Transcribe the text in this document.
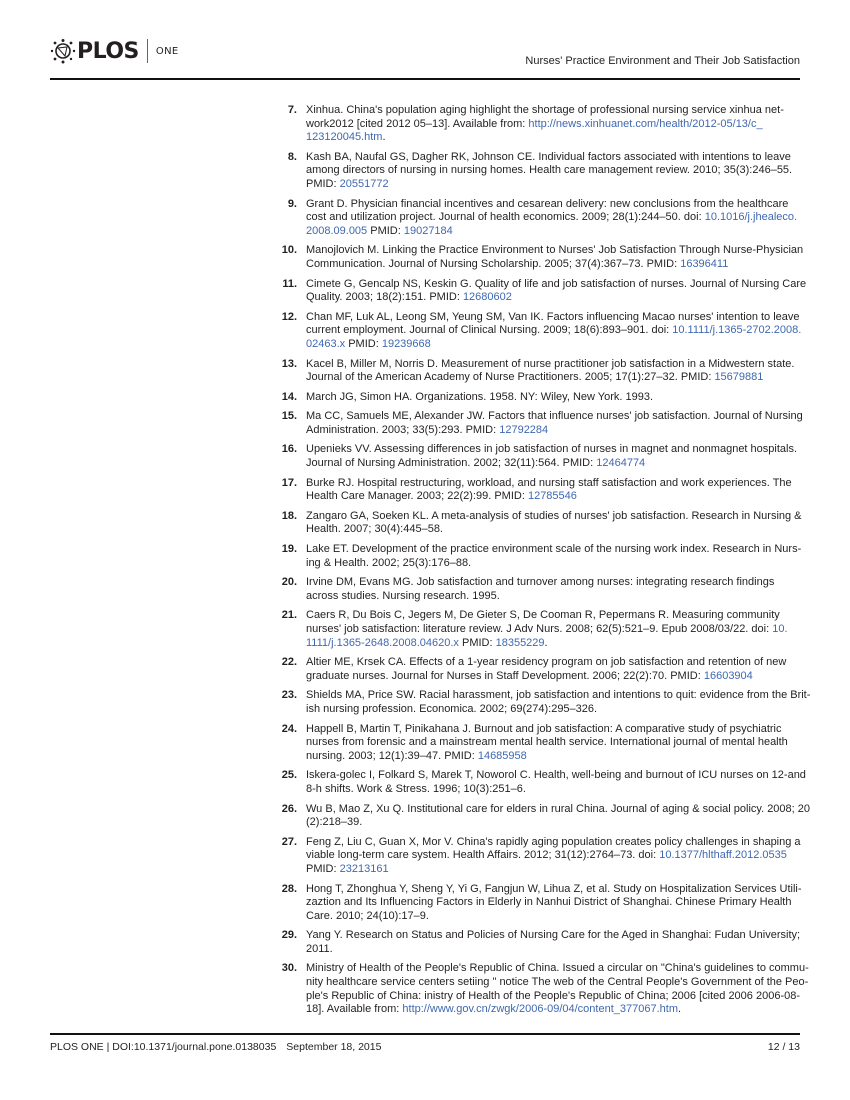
PLOS ONE
Nurses' Practice Environment and Their Job Satisfaction
7. Xinhua. China's population aging highlight the shortage of professional nursing service xinhua net-
work2012 [cited 2012 05–13]. Available from: http://news.xinhuanet.com/health/2012-05/13/c_
123120045.htm.
8. Kash BA, Naufal GS, Dagher RK, Johnson CE. Individual factors associated with intentions to leave
among directors of nursing in nursing homes. Health care management review. 2010; 35(3):246–55.
PMID: 20551772
9. Grant D. Physician financial incentives and cesarean delivery: new conclusions from the healthcare
cost and utilization project. Journal of health economics. 2009; 28(1):244–50. doi: 10.1016/j.jhealeco.
2008.09.005 PMID: 19027184
10. Manojlovich M. Linking the Practice Environment to Nurses' Job Satisfaction Through Nurse-Physician
Communication. Journal of Nursing Scholarship. 2005; 37(4):367–73. PMID: 16396411
11. Cimete G, Gencalp NS, Keskin G. Quality of life and job satisfaction of nurses. Journal of Nursing Care
Quality. 2003; 18(2):151. PMID: 12680602
12. Chan MF, Luk AL, Leong SM, Yeung SM, Van IK. Factors influencing Macao nurses' intention to leave
current employment. Journal of Clinical Nursing. 2009; 18(6):893–901. doi: 10.1111/j.1365-2702.2008.
02463.x PMID: 19239668
13. Kacel B, Miller M, Norris D. Measurement of nurse practitioner job satisfaction in a Midwestern state.
Journal of the American Academy of Nurse Practitioners. 2005; 17(1):27–32. PMID: 15679881
14. March JG, Simon HA. Organizations. 1958. NY: Wiley, New York. 1993.
15. Ma CC, Samuels ME, Alexander JW. Factors that influence nurses' job satisfaction. Journal of Nursing
Administration. 2003; 33(5):293. PMID: 12792284
16. Upenieks VV. Assessing differences in job satisfaction of nurses in magnet and nonmagnet hospitals.
Journal of Nursing Administration. 2002; 32(11):564. PMID: 12464774
17. Burke RJ. Hospital restructuring, workload, and nursing staff satisfaction and work experiences. The
Health Care Manager. 2003; 22(2):99. PMID: 12785546
18. Zangaro GA, Soeken KL. A meta-analysis of studies of nurses' job satisfaction. Research in Nursing &
Health. 2007; 30(4):445–58.
19. Lake ET. Development of the practice environment scale of the nursing work index. Research in Nurs-
ing & Health. 2002; 25(3):176–88.
20. Irvine DM, Evans MG. Job satisfaction and turnover among nurses: integrating research findings
across studies. Nursing research. 1995.
21. Caers R, Du Bois C, Jegers M, De Gieter S, De Cooman R, Pepermans R. Measuring community
nurses' job satisfaction: literature review. J Adv Nurs. 2008; 62(5):521–9. Epub 2008/03/22. doi: 10.
1111/j.1365-2648.2008.04620.x PMID: 18355229.
22. Altier ME, Krsek CA. Effects of a 1-year residency program on job satisfaction and retention of new
graduate nurses. Journal for Nurses in Staff Development. 2006; 22(2):70. PMID: 16603904
23. Shields MA, Price SW. Racial harassment, job satisfaction and intentions to quit: evidence from the Brit-
ish nursing profession. Economica. 2002; 69(274):295–326.
24. Happell B, Martin T, Pinikahana J. Burnout and job satisfaction: A comparative study of psychiatric
nurses from forensic and a mainstream mental health service. International journal of mental health
nursing. 2003; 12(1):39–47. PMID: 14685958
25. Iskera-golec I, Folkard S, Marek T, Noworol C. Health, well-being and burnout of ICU nurses on 12-and
8-h shifts. Work & Stress. 1996; 10(3):251–6.
26. Wu B, Mao Z, Xu Q. Institutional care for elders in rural China. Journal of aging & social policy. 2008; 20
(2):218–39.
27. Feng Z, Liu C, Guan X, Mor V. China's rapidly aging population creates policy challenges in shaping a
viable long-term care system. Health Affairs. 2012; 31(12):2764–73. doi: 10.1377/hlthaff.2012.0535
PMID: 23213161
28. Hong T, Zhonghua Y, Sheng Y, Yi G, Fangjun W, Lihua Z, et al. Study on Hospitalization Services Utili-
zaztion and Its Influencing Factors in Elderly in Nanhui District of Shanghai. Chinese Primary Health
Care. 2010; 24(10):17–9.
29. Yang Y. Research on Status and Policies of Nursing Care for the Aged in Shanghai: Fudan University;
2011.
30. Ministry of Health of the People's Republic of China. Issued a circular on "China's guidelines to commu-
nity healthcare service centers setiing " notice The web of the Central People's Government of the Peo-
ple's Republic of China: inistry of Health of the People's Republic of China; 2006 [cited 2006 2006-08-
18]. Available from: http://www.gov.cn/zwgk/2006-09/04/content_377067.htm.
PLOS ONE | DOI:10.1371/journal.pone.0138035 September 18, 2015	12 / 13
